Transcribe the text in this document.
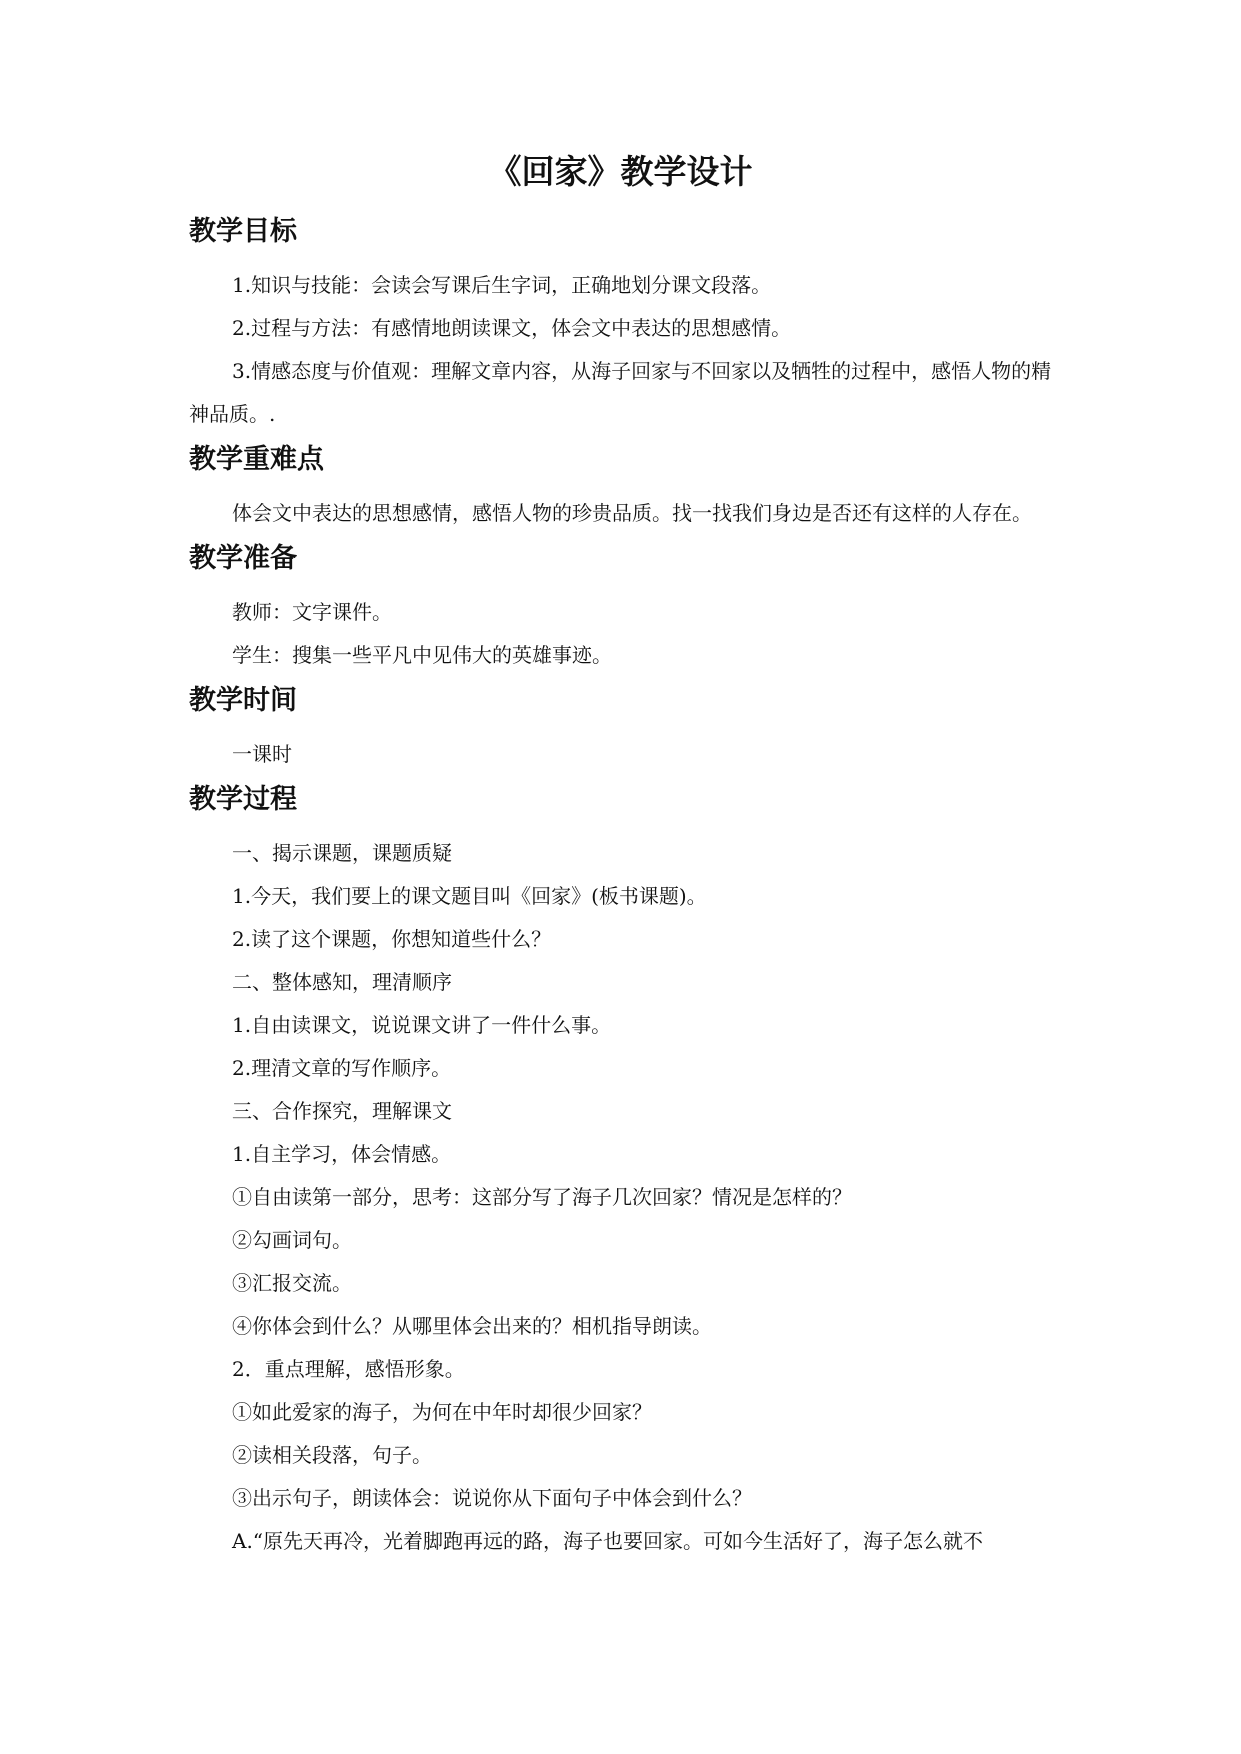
《回家》教学设计
教学目标

1.知识与技能：会读会写课后生字词，正确地划分课文段落。

2.过程与方法：有感情地朗读课文，体会文中表达的思想感情。

3.情感态度与价值观：理解文章内容，从海子回家与不回家以及牺牲的过程中，感悟人物的精神品质。.

教学重难点

体会文中表达的思想感情，感悟人物的珍贵品质。找一找我们身边是否还有这样的人存在。

教学准备

教师：文字课件。

学生：搜集一些平凡中见伟大的英雄事迹。

教学时间

一课时

教学过程

一、揭示课题，课题质疑

1.今天，我们要上的课文题目叫《回家》(板书课题)。

2.读了这个课题，你想知道些什么？

二、整体感知，理清顺序

1.自由读课文，说说课文讲了一件什么事。

2.理清文章的写作顺序。

三、合作探究，理解课文

1.自主学习，体会情感。

①自由读第一部分，思考：这部分写了海子几次回家？情况是怎样的？

②勾画词句。

③汇报交流。

④你体会到什么？从哪里体会出来的？相机指导朗读。

2．重点理解，感悟形象。

①如此爱家的海子，为何在中年时却很少回家？

②读相关段落，句子。

③出示句子，朗读体会：说说你从下面句子中体会到什么？

A.“原先天再冷，光着脚跑再远的路，海子也要回家。可如今生活好了，海子怎么就不
